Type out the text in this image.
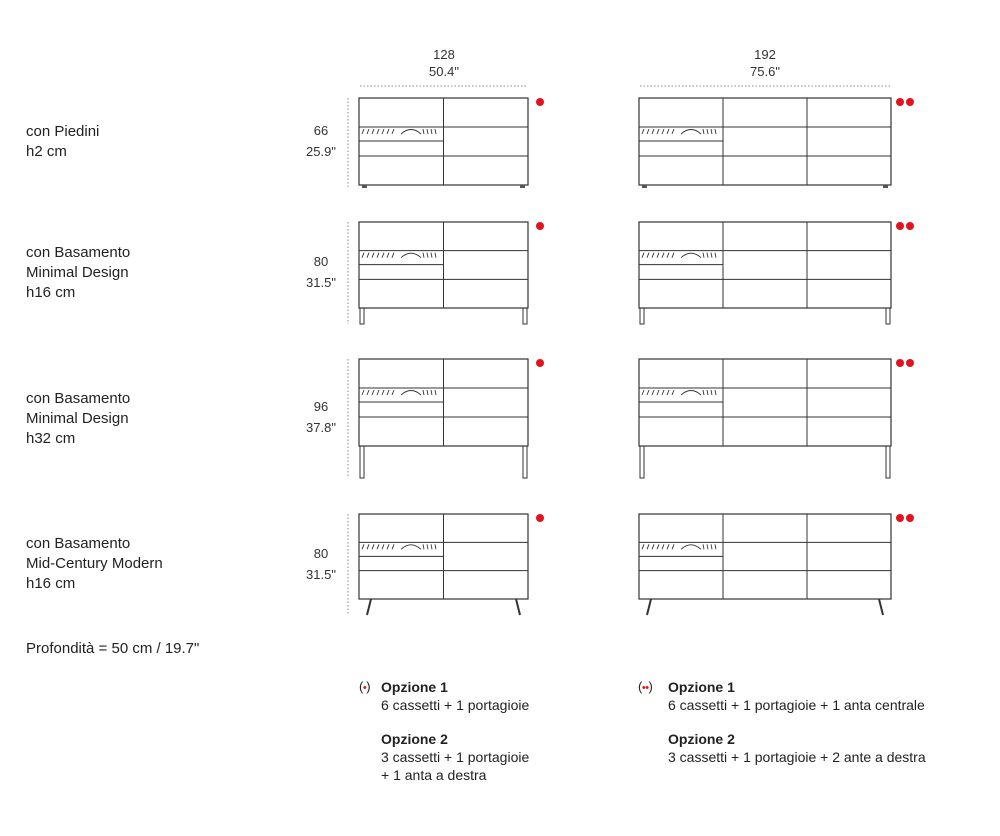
128
50.4"
192
75.6"
con Piedini
h2 cm
con Basamento
Minimal Design
h16 cm
con Basamento
Minimal Design
h32 cm
con Basamento
Mid-Century Modern
h16 cm
66
25.9"
80
31.5"
96
37.8"
80
31.5"
Profondità = 50 cm / 19.7"
(•) Opzione 1
6 cassetti + 1 portagioie
Opzione 2
3 cassetti + 1 portagioie
+ 1 anta a destra
(••) Opzione 1
6 cassetti + 1 portagioie + 1 anta centrale
Opzione 2
3 cassetti + 1 portagioie + 2 ante a destra
